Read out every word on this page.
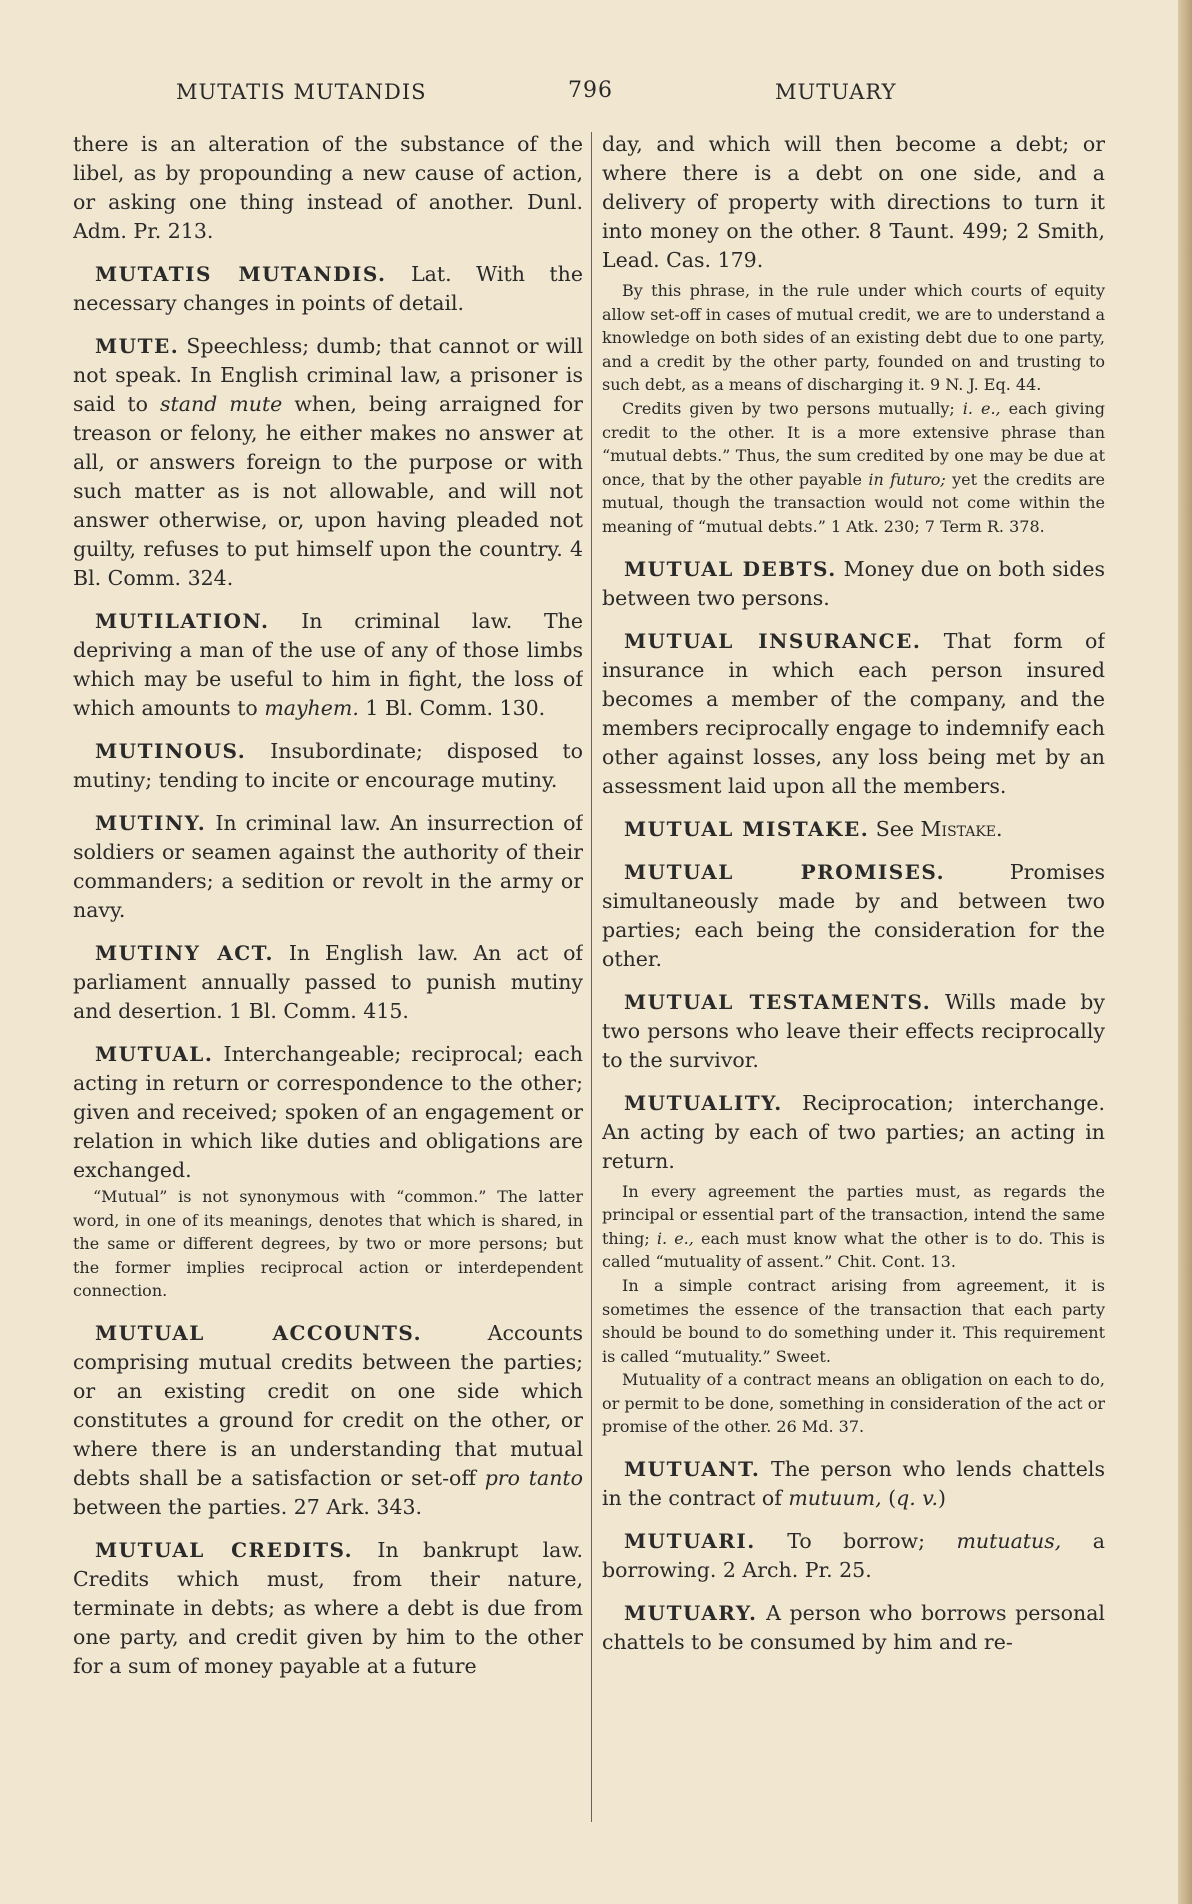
MUTATIS MUTANDIS	796	MUTUARY

there is an alteration of the substance of the libel, as by propounding a new cause of action, or asking one thing instead of another. Dunl. Adm. Pr. 213.

MUTATIS MUTANDIS. Lat. With the necessary changes in points of detail.

MUTE. Speechless; dumb; that cannot or will not speak. In English criminal law, a prisoner is said to stand mute when, being arraigned for treason or felony, he either makes no answer at all, or answers foreign to the purpose or with such matter as is not allowable, and will not answer otherwise, or, upon having pleaded not guilty, refuses to put himself upon the country. 4 Bl. Comm. 324.

MUTILATION. In criminal law. The depriving a man of the use of any of those limbs which may be useful to him in fight, the loss of which amounts to mayhem. 1 Bl. Comm. 130.

MUTINOUS. Insubordinate; disposed to mutiny; tending to incite or encourage mutiny.

MUTINY. In criminal law. An insurrection of soldiers or seamen against the authority of their commanders; a sedition or revolt in the army or navy.

MUTINY ACT. In English law. An act of parliament annually passed to punish mutiny and desertion. 1 Bl. Comm. 415.

MUTUAL. Interchangeable; reciprocal; each acting in return or correspondence to the other; given and received; spoken of an engagement or relation in which like duties and obligations are exchanged.

“Mutual” is not synonymous with “common.” The latter word, in one of its meanings, denotes that which is shared, in the same or different degrees, by two or more persons; but the former implies reciprocal action or interdependent connection.

MUTUAL ACCOUNTS.	Accounts comprising mutual credits between the parties; or an existing credit on one side which constitutes a ground for credit on the other, or where there is an understanding that mutual debts shall be a satisfaction or set-off pro tanto between the parties. 27 Ark. 343.

MUTUAL CREDITS. In bankrupt law. Credits which must, from their nature, terminate in debts; as where a debt is due from one party, and credit given by him to the other for a sum of money payable at a future

day, and which will then become a debt; or where there is a debt on one side, and a delivery of property with directions to turn it into money on the other. 8 Taunt. 499; 2 Smith, Lead. Cas. 179.

By this phrase, in the rule under which courts of equity allow set-off in cases of mutual credit, we are to understand a knowledge on both sides of an existing debt due to one party, and a credit by the other party, founded on and trusting to such debt, as a means of discharging it. 9 N. J. Eq. 44.

Credits given by two persons mutually; i. e., each giving credit to the other. It is a more extensive phrase than “mutual debts.” Thus, the sum credited by one may be due at once, that by the other payable in futuro; yet the credits are mutual, though the transaction would not come within the meaning of “mutual debts.” 1 Atk. 230; 7 Term R. 378.

MUTUAL DEBTS. Money due on both sides between two persons.

MUTUAL INSURANCE. That form of insurance in which each person insured becomes a member of the company, and the members reciprocally engage to indemnify each other against losses, any loss being met by an assessment laid upon all the members.

MUTUAL MISTAKE. See Mistake.

MUTUAL PROMISES.	Promises simultaneously made by and between two parties; each being the consideration for the other.

MUTUAL TESTAMENTS. Wills made by two persons who leave their effects reciprocally to the survivor.

MUTUALITY. Reciprocation; interchange. An acting by each of two parties; an acting in return.

In every agreement the parties must, as regards the principal or essential part of the transaction, intend the same thing; i. e., each must know what the other is to do. This is called “mutuality of assent.” Chit. Cont. 13.

In a simple contract arising from agreement, it is sometimes the essence of the transaction that each party should be bound to do something under it. This requirement is called “mutuality.” Sweet.

Mutuality of a contract means an obligation on each to do, or permit to be done, something in consideration of the act or promise of the other. 26 Md. 37.

MUTUANT. The person who lends chattels in the contract of mutuum, (q. v.)

MUTUARI. To borrow; mutuatus, a borrowing. 2 Arch. Pr. 25.

MUTUARY. A person who borrows personal chattels to be consumed by him and re-
